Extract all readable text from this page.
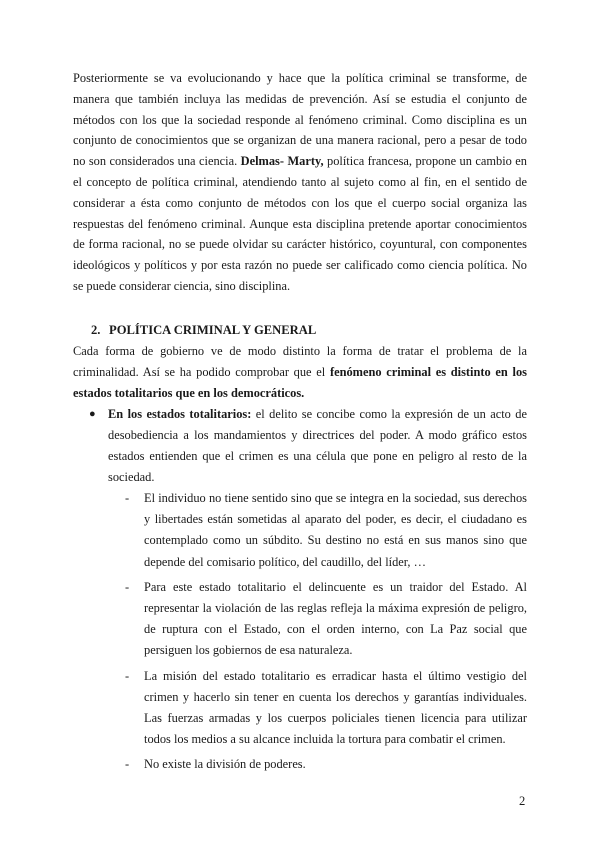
Posteriormente se va evolucionando y hace que la política criminal se transforme, de manera que también incluya las medidas de prevención. Así se estudia el conjunto de métodos con los que la sociedad responde al fenómeno criminal. Como disciplina es un conjunto de conocimientos que se organizan de una manera racional, pero a pesar de todo no son considerados una ciencia. Delmas- Marty, política francesa, propone un cambio en el concepto de política criminal, atendiendo tanto al sujeto como al fin, en el sentido de considerar a ésta como conjunto de métodos con los que el cuerpo social organiza las respuestas del fenómeno criminal. Aunque esta disciplina pretende aportar conocimientos de forma racional, no se puede olvidar su carácter histórico, coyuntural, con componentes ideológicos y políticos y por esta razón no puede ser calificado como ciencia política. No se puede considerar ciencia, sino disciplina.

2. POLÍTICA CRIMINAL Y GENERAL

Cada forma de gobierno ve de modo distinto la forma de tratar el problema de la criminalidad. Así se ha podido comprobar que el fenómeno criminal es distinto en los estados totalitarios que en los democráticos.

● En los estados totalitarios: el delito se concibe como la expresión de un acto de desobediencia a los mandamientos y directrices del poder. A modo gráfico estos estados entienden que el crimen es una célula que pone en peligro al resto de la sociedad.
- El individuo no tiene sentido sino que se integra en la sociedad, sus derechos y libertades están sometidas al aparato del poder, es decir, el ciudadano es contemplado como un súbdito. Su destino no está en sus manos sino que depende del comisario político, del caudillo, del líder, …
- Para este estado totalitario el delincuente es un traidor del Estado. Al representar la violación de las reglas refleja la máxima expresión de peligro, de ruptura con el Estado, con el orden interno, con La Paz social que persiguen los gobiernos de esa naturaleza.
- La misión del estado totalitario es erradicar hasta el último vestigio del crimen y hacerlo sin tener en cuenta los derechos y garantías individuales. Las fuerzas armadas y los cuerpos policiales tienen licencia para utilizar todos los medios a su alcance incluida la tortura para combatir el crimen.
- No existe la división de poderes.
2
